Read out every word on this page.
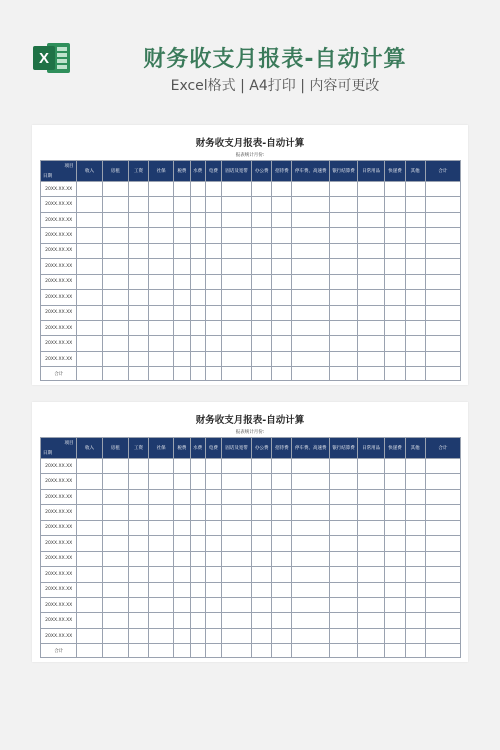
X	财务收支月报表-自动计算
Excel格式 | A4打印 | 内容可更改
财务收支月报表-自动计算
报表统计月份:
项目
日期	收入	房租	工资	社保	税费	水费	电费	固话及宽带	办公费	招待费	停车费、高速费	银行结算费	日常用品	快递费	其他	合计
20XX.XX.XX																
20XX.XX.XX																
20XX.XX.XX																
20XX.XX.XX																
20XX.XX.XX																
20XX.XX.XX																
20XX.XX.XX																
20XX.XX.XX																
20XX.XX.XX																
20XX.XX.XX																
20XX.XX.XX																
20XX.XX.XX																
合计																
财务收支月报表-自动计算
报表统计月份:
项目
日期	收入	房租	工资	社保	税费	水费	电费	固话及宽带	办公费	招待费	停车费、高速费	银行结算费	日常用品	快递费	其他	合计
20XX.XX.XX																
20XX.XX.XX																
20XX.XX.XX																
20XX.XX.XX																
20XX.XX.XX																
20XX.XX.XX																
20XX.XX.XX																
20XX.XX.XX																
20XX.XX.XX																
20XX.XX.XX																
20XX.XX.XX																
20XX.XX.XX																
合计																
